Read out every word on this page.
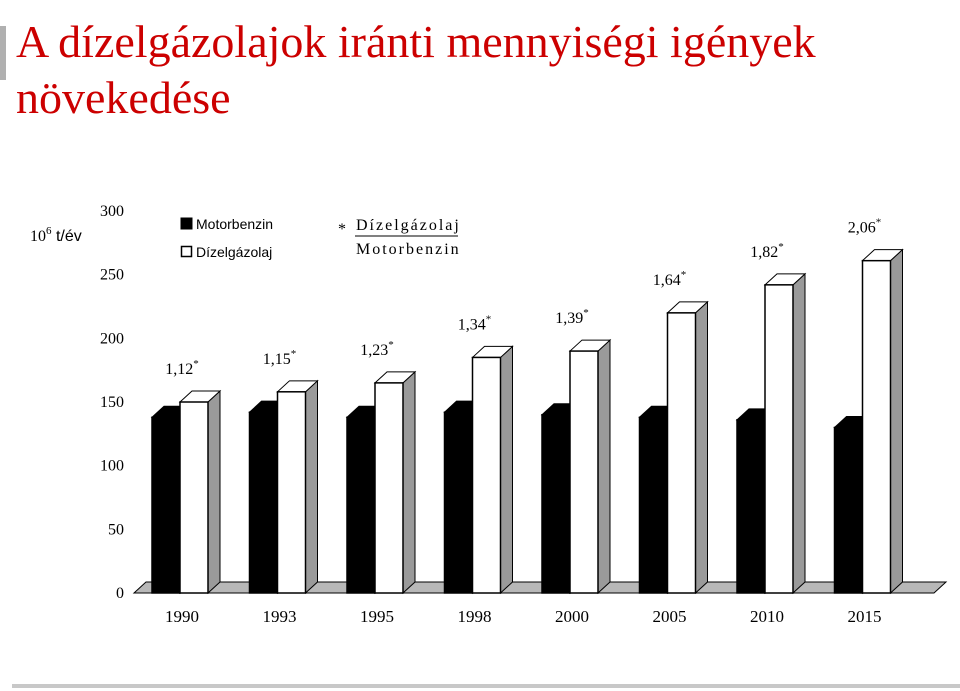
A dízelgázolajok iránti mennyiségi igények növekedése
0
50
100
150
200
250
300
1990
1,12*
1993
1,15*
1995
1,23*
1998
1,34*
2000
1,39*
2005
1,64*
2010
1,82*
2015
2,06*
$10^6$ t/év
Motorbenzin
Dízelgázolaj
* Dízelgázolaj
Motorbenzin
